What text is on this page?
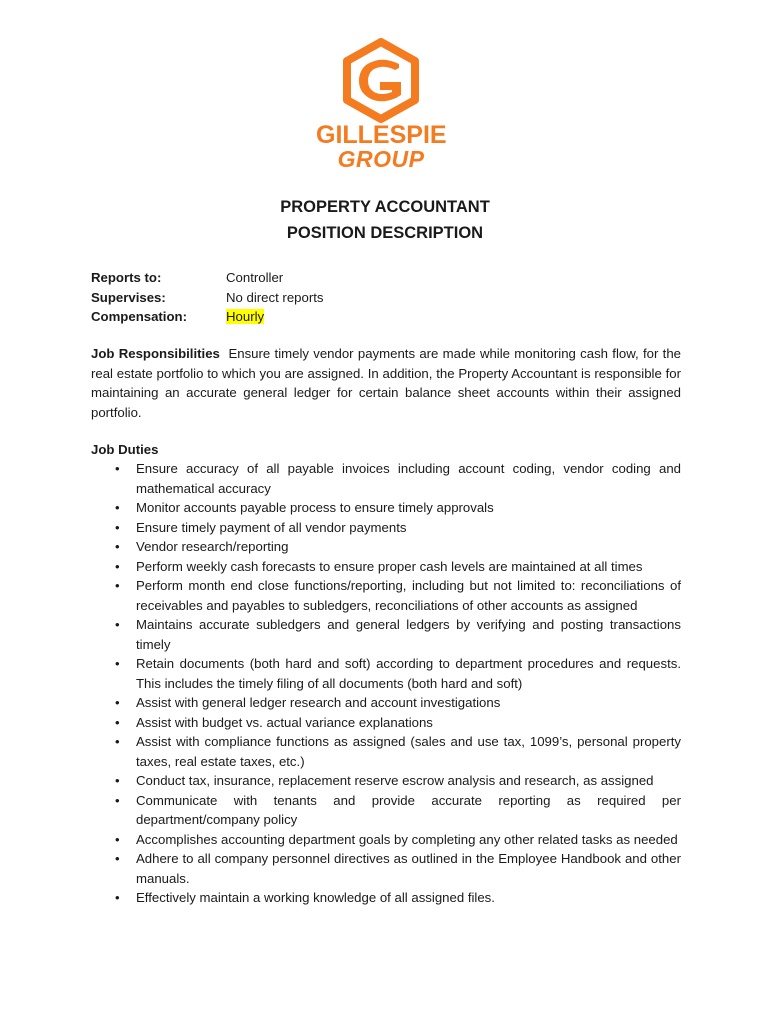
GILLESPIE
GROUP
PROPERTY ACCOUNTANT
POSITION DESCRIPTION
Reports to:	Controller
Supervises:	No direct reports
Compensation:	Hourly
Job Responsibilities Ensure timely vendor payments are made while monitoring cash flow, for the real estate portfolio to which you are assigned. In addition, the Property Accountant is responsible for maintaining an accurate general ledger for certain balance sheet accounts within their assigned portfolio.
Job Duties
• Ensure accuracy of all payable invoices including account coding, vendor coding and mathematical accuracy
• Monitor accounts payable process to ensure timely approvals
• Ensure timely payment of all vendor payments
• Vendor research/reporting
• Perform weekly cash forecasts to ensure proper cash levels are maintained at all times
• Perform month end close functions/reporting, including but not limited to: reconciliations of receivables and payables to subledgers, reconciliations of other accounts as assigned
• Maintains accurate subledgers and general ledgers by verifying and posting transactions timely
• Retain documents (both hard and soft) according to department procedures and requests. This includes the timely filing of all documents (both hard and soft)
• Assist with general ledger research and account investigations
• Assist with budget vs. actual variance explanations
• Assist with compliance functions as assigned (sales and use tax, 1099’s, personal property taxes, real estate taxes, etc.)
• Conduct tax, insurance, replacement reserve escrow analysis and research, as assigned
• Communicate with tenants and provide accurate reporting as required per department/company policy
• Accomplishes accounting department goals by completing any other related tasks as needed
• Adhere to all company personnel directives as outlined in the Employee Handbook and other manuals.
• Effectively maintain a working knowledge of all assigned files.
